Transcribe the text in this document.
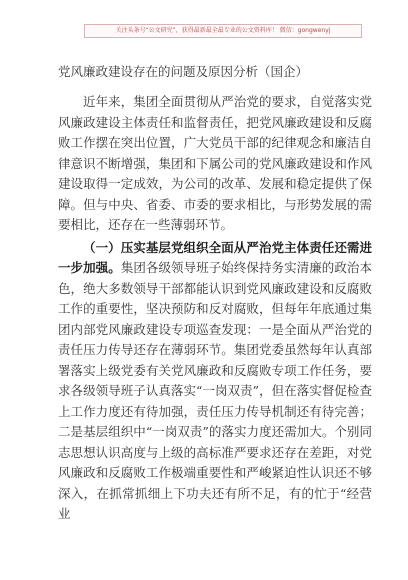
关注头条号“公文研究”，获得最新最全最专业的公文资料库！ 微信：gongwenyj
党风廉政建设存在的问题及原因分析（国企）

近年来，集团全面贯彻从严治党的要求，自觉落实党风廉政建设主体责任和监督责任，把党风廉政建设和反腐败工作摆在突出位置，广大党员干部的纪律观念和廉洁自律意识不断增强，集团和下属公司的党风廉政建设和作风建设取得一定成效，为公司的改革、发展和稳定提供了保障。但与中央、省委、市委的要求相比，与形势发展的需要相比，还存在一些薄弱环节。

（一）压实基层党组织全面从严治党主体责任还需进一步加强。集团各级领导班子始终保持务实清廉的政治本色，绝大多数领导干部都能认识到党风廉政建设和反腐败工作的重要性，坚决预防和反对腐败，但每年年底通过集团内部党风廉政建设专项巡查发现：一是全面从严治党的责任压力传导还存在薄弱环节。集团党委虽然每年认真部署落实上级党委有关党风廉政和反腐败专项工作任务，要求各级领导班子认真落实“一岗双责”，但在落实督促检查上工作力度还有待加强，责任压力传导机制还有待完善；二是基层组织中“一岗双责”的落实力度还需加大。个别同志思想认识高度与上级的高标准严要求还存在差距，对党风廉政和反腐败工作极端重要性和严峻紧迫性认识还不够深入，在抓常抓细上下功夫还有所不足，有的忙于“经营业
